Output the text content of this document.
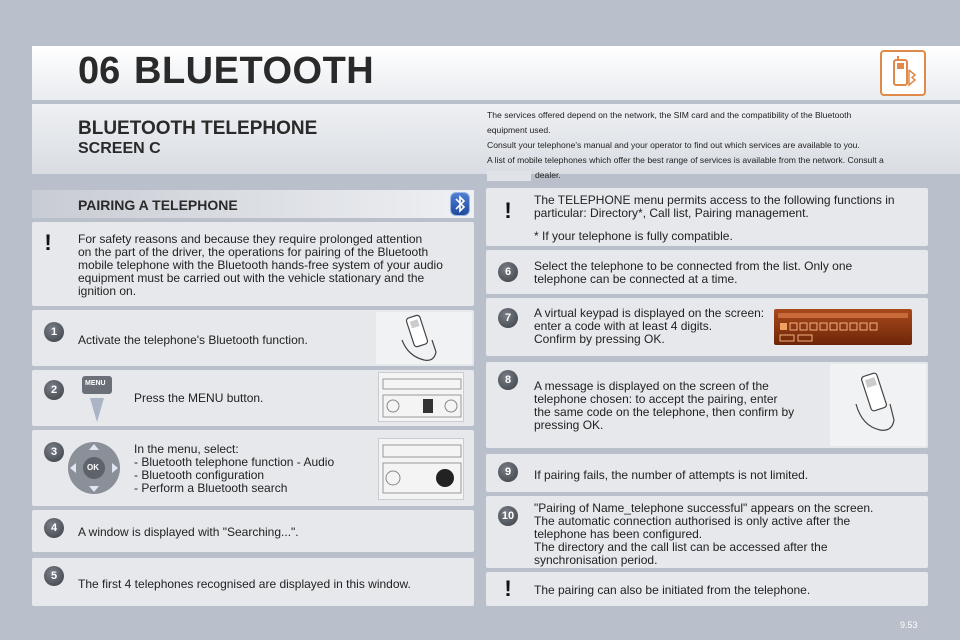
06 BLUETOOTH
BLUETOOTH TELEPHONE
SCREEN C
The services offered depend on the network, the SIM card and the compatibility of the Bluetooth
equipment used.
Consult your telephone's manual and your operator to find out which services are available to you.
A list of mobile telephones which offer the best range of services is available from the network. Consult a
dealer.
PAIRING A TELEPHONE
!	For safety reasons and because they require prolonged attention
on the part of the driver, the operations for pairing of the Bluetooth
mobile telephone with the Bluetooth hands-free system of your audio
equipment must be carried out with the vehicle stationary and the
ignition on.
1
Activate the telephone's Bluetooth function.
2
MENU
Press the MENU button.
3
OK
In the menu, select:
- Bluetooth telephone function - Audio
- Bluetooth configuration
- Perform a Bluetooth search
4	A window is displayed with "Searching...".
5
The first 4 telephones recognised are displayed in this window.
!	The TELEPHONE menu permits access to the following functions in
particular: Directory*, Call list, Pairing management.
* If your telephone is fully compatible.
6	Select the telephone to be connected from the list. Only one
telephone can be connected at a time.
7	A virtual keypad is displayed on the screen:
enter a code with at least 4 digits.
Confirm by pressing OK.
8	A message is displayed on the screen of the
telephone chosen: to accept the pairing, enter
the same code on the telephone, then confirm by
pressing OK.
9	If pairing fails, the number of attempts is not limited.
10
"Pairing of Name_telephone successful" appears on the screen.
The automatic connection authorised is only active after the
telephone has been configured.
The directory and the call list can be accessed after the
synchronisation period.
!	The pairing can also be initiated from the telephone.
9.53
